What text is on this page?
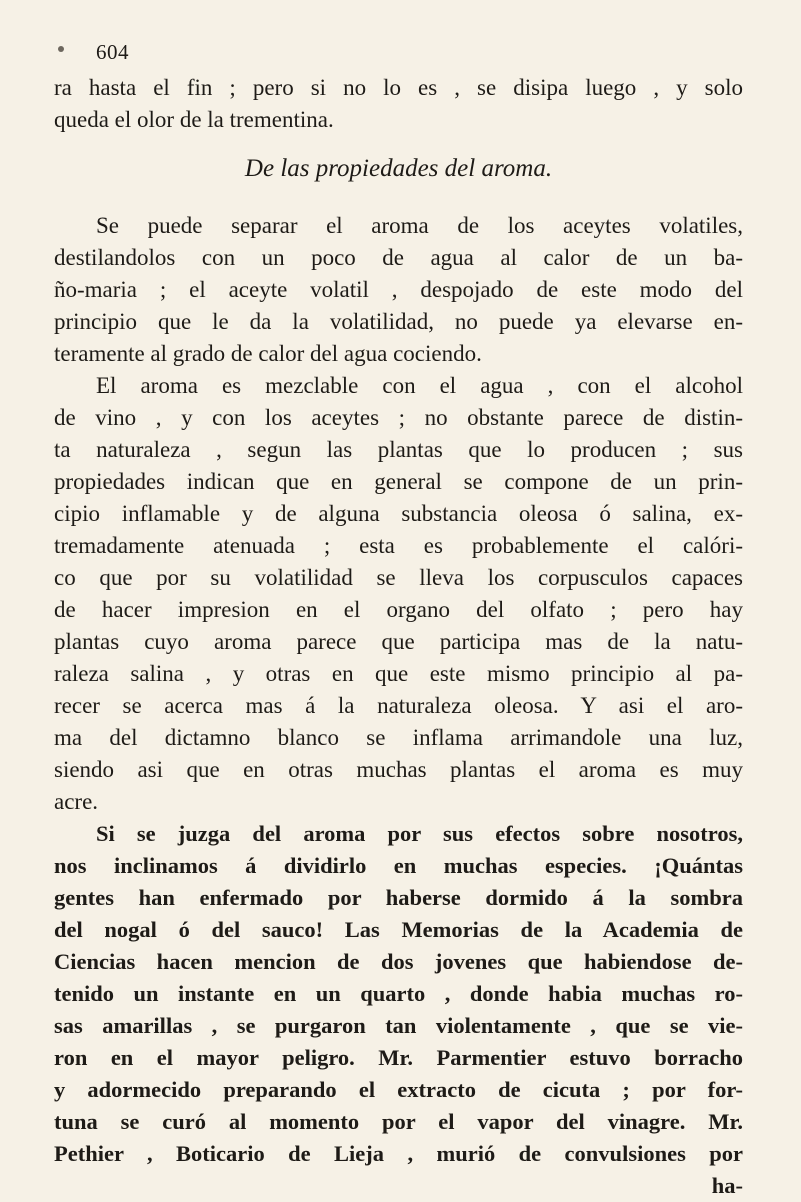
604
ra hasta el fin ; pero si no lo es , se disipa luego , y solo
queda el olor de la trementina.
De las propiedades del aroma.
Se puede separar el aroma de los aceytes volatiles,
destilandolos con un poco de agua al calor de un ba-
ño-maria ; el aceyte volatil , despojado de este modo del
principio que le da la volatilidad, no puede ya elevarse en-
teramente al grado de calor del agua cociendo.
El aroma es mezclable con el agua , con el alcohol
de vino , y con los aceytes ; no obstante parece de distin-
ta naturaleza , segun las plantas que lo producen ; sus
propiedades indican que en general se compone de un prin-
cipio inflamable y de alguna substancia oleosa ó salina, ex-
tremadamente atenuada ; esta es probablemente el calóri-
co que por su volatilidad se lleva los corpusculos capaces
de hacer impresion en el organo del olfato ; pero hay
plantas cuyo aroma parece que participa mas de la natu-
raleza salina , y otras en que este mismo principio al pa-
recer se acerca mas á la naturaleza oleosa. Y asi el aro-
ma del dictamno blanco se inflama arrimandole una luz,
siendo asi que en otras muchas plantas el aroma es muy
acre.
Si se juzga del aroma por sus efectos sobre nosotros,
nos inclinamos á dividirlo en muchas especies. ¡Quántas
gentes han enfermado por haberse dormido á la sombra
del nogal ó del sauco! Las Memorias de la Academia de
Ciencias hacen mencion de dos jovenes que habiendose de-
tenido un instante en un quarto , donde habia muchas ro-
sas amarillas , se purgaron tan violentamente , que se vie-
ron en el mayor peligro. Mr. Parmentier estuvo borracho
y adormecido preparando el extracto de cicuta ; por for-
tuna se curó al momento por el vapor del vinagre. Mr.
Pethier , Boticario de Lieja , murió de convulsiones por
ha-
